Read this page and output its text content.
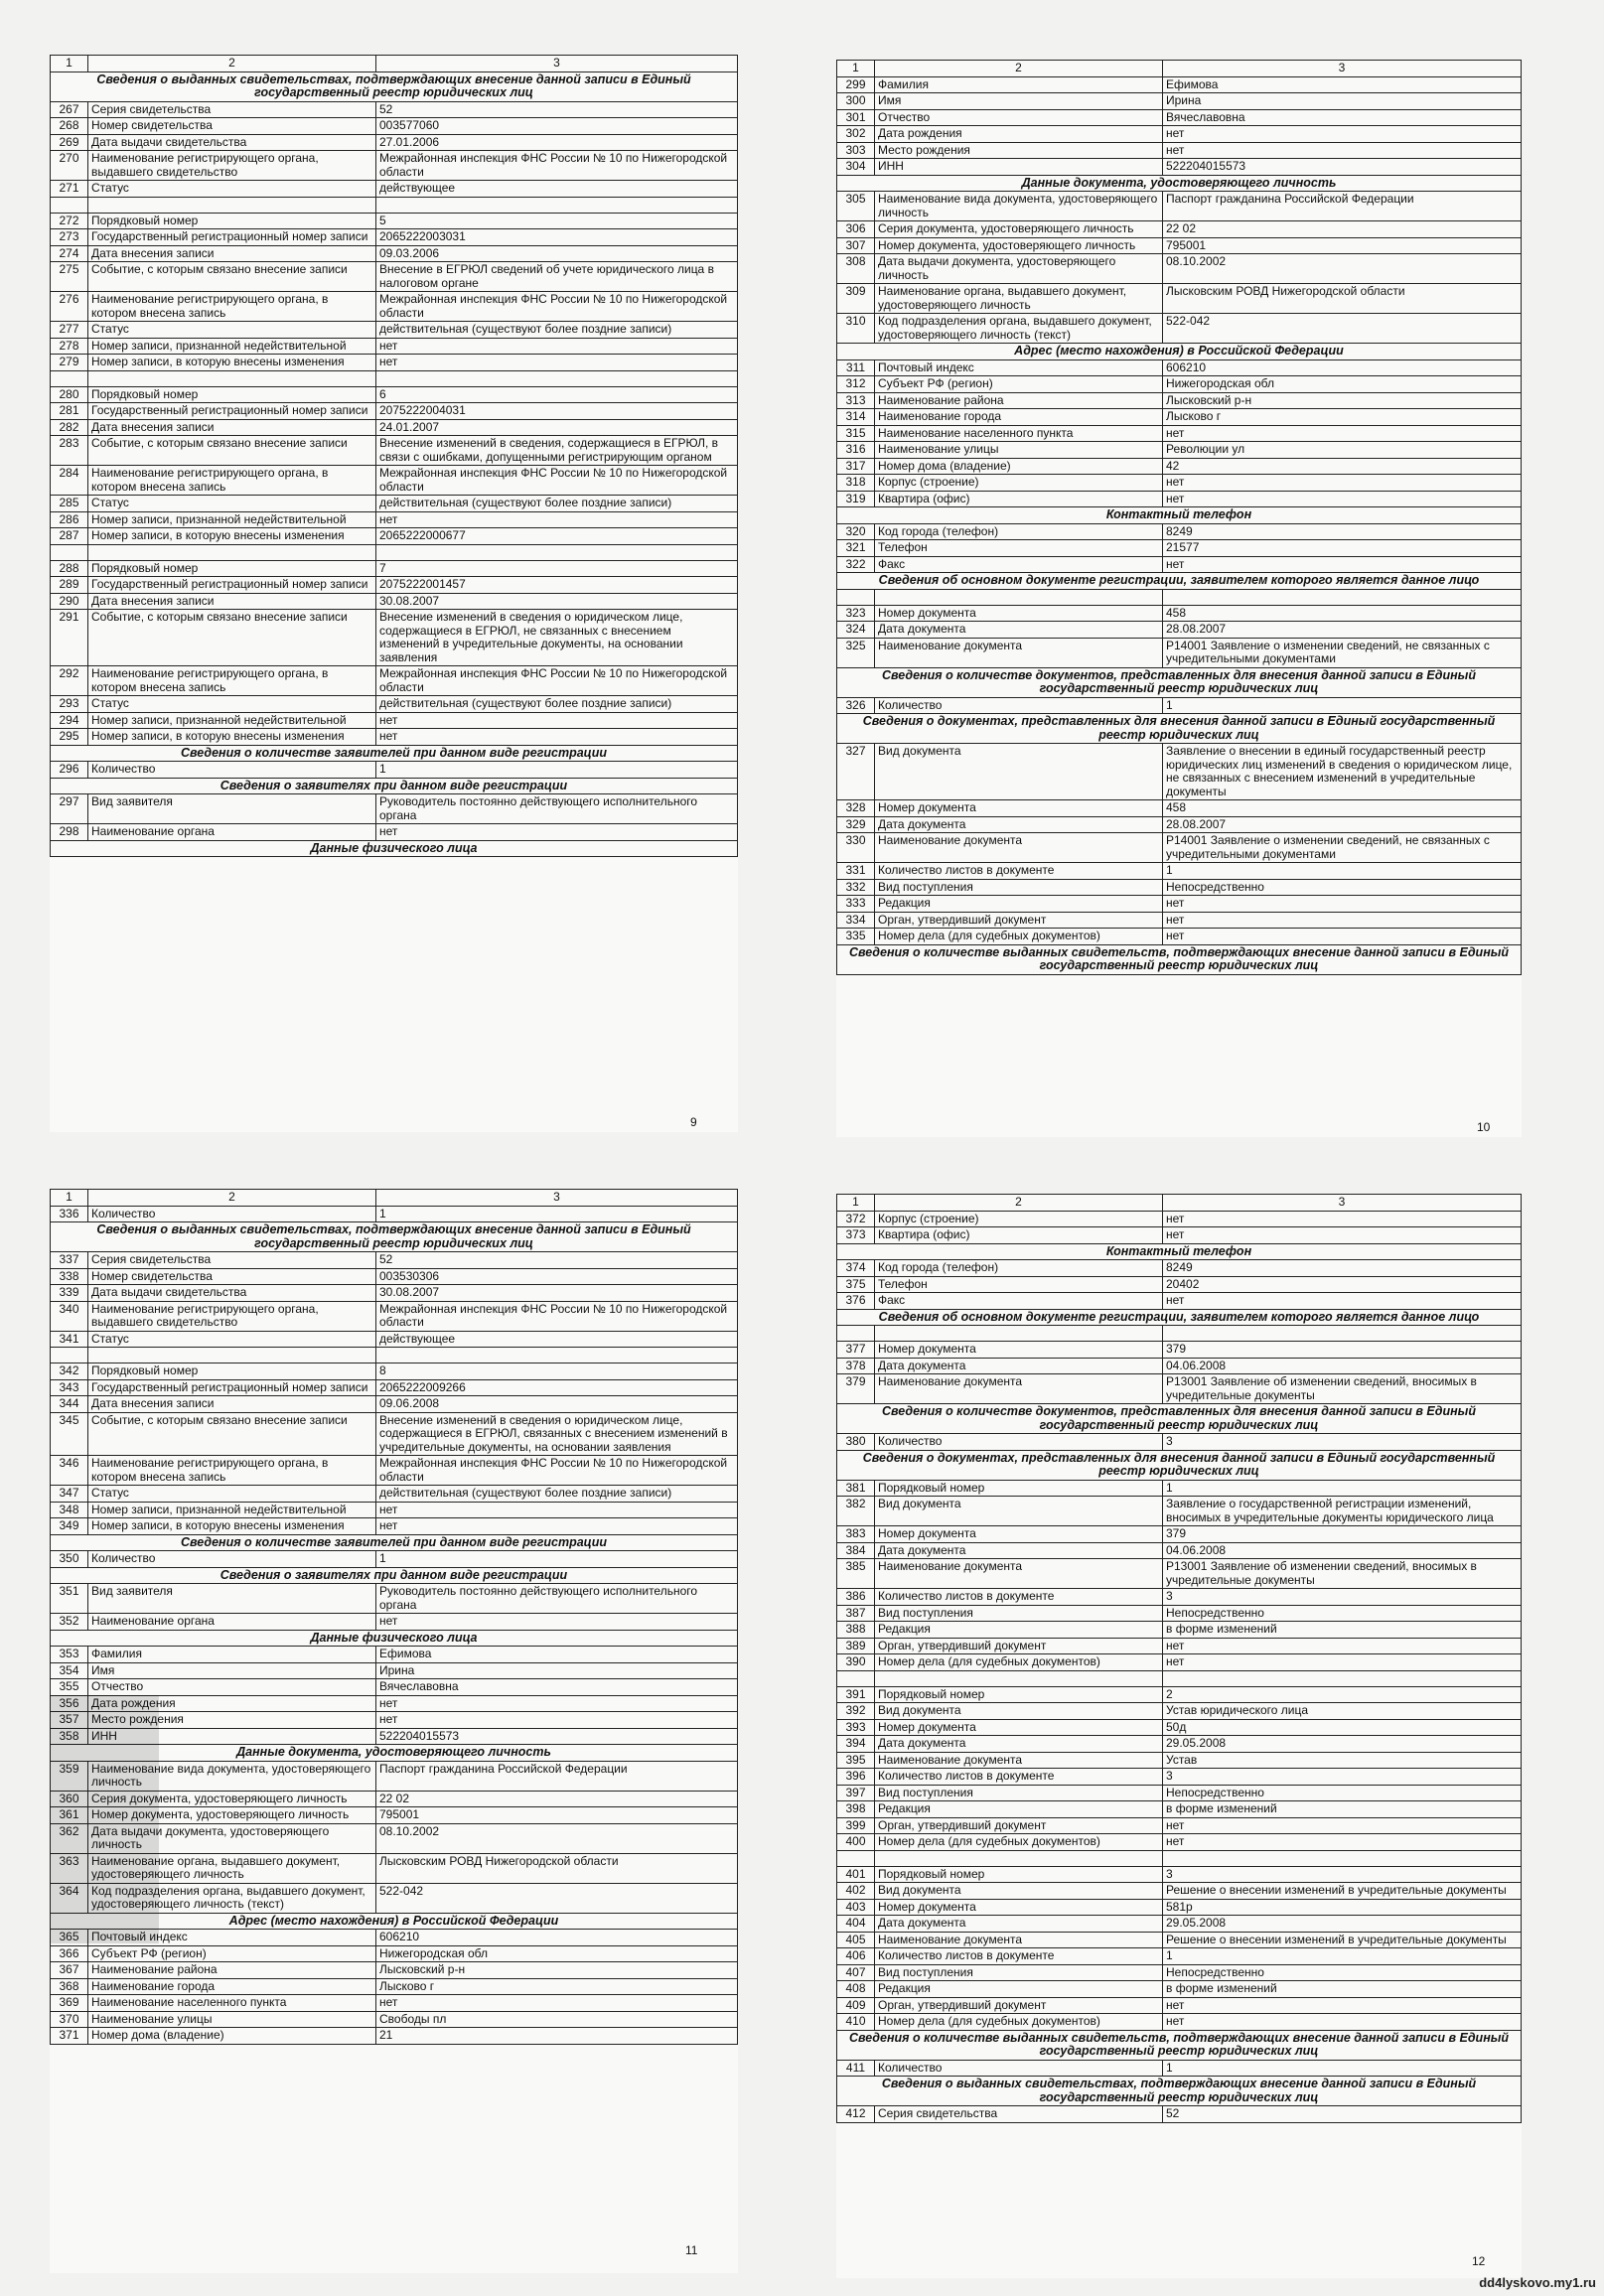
1	2	3
Сведения о выданных свидетельствах, подтверждающих внесение данной записи в Единый государственный реестр юридических лиц		
267	Серия свидетельства	52
268	Номер свидетельства	003577060
269	Дата выдачи свидетельства	27.01.2006
270	Наименование регистрирующего органа, выдавшего свидетельство	Межрайонная инспекция ФНС России № 10 по Нижегородской области
271	Статус	действующее

272	Порядковый номер	5
273	Государственный регистрационный номер записи	2065222003031
274	Дата внесения записи	09.03.2006
275	Событие, с которым связано внесение записи	Внесение в ЕГРЮЛ сведений об учете юридического лица в налоговом органе
276	Наименование регистрирующего органа, в котором внесена запись	Межрайонная инспекция ФНС России № 10 по Нижегородской области
277	Статус	действительная (существуют более поздние записи)
278	Номер записи, признанной недействительной	нет
279	Номер записи, в которую внесены изменения	нет

280	Порядковый номер	6
281	Государственный регистрационный номер записи	2075222004031
282	Дата внесения записи	24.01.2007
283	Событие, с которым связано внесение записи	Внесение изменений в сведения, содержащиеся в ЕГРЮЛ, в связи с ошибками, допущенными регистрирующим органом
284	Наименование регистрирующего органа, в котором внесена запись	Межрайонная инспекция ФНС России № 10 по Нижегородской области
285	Статус	действительная (существуют более поздние записи)
286	Номер записи, признанной недействительной	нет
287	Номер записи, в которую внесены изменения	2065222000677

288	Порядковый номер	7
289	Государственный регистрационный номер записи	2075222001457
290	Дата внесения записи	30.08.2007
291	Событие, с которым связано внесение записи	Внесение изменений в сведения о юридическом лице, содержащиеся в ЕГРЮЛ, не связанных с внесением изменений в учредительные документы, на основании заявления
292	Наименование регистрирующего органа, в котором внесена запись	Межрайонная инспекция ФНС России № 10 по Нижегородской области
293	Статус	действительная (существуют более поздние записи)
294	Номер записи, признанной недействительной	нет
295	Номер записи, в которую внесены изменения	нет
Сведения о количестве заявителей при данном виде регистрации		
296	Количество	1
Сведения о заявителях при данном виде регистрации		
297	Вид заявителя	Руководитель постоянно действующего исполнительного органа
298	Наименование органа	нет
Данные физического лица		
9
1	2	3
299	Фамилия	Ефимова
300	Имя	Ирина
301	Отчество	Вячеславовна
302	Дата рождения	нет
303	Место рождения	нет
304	ИНН	522204015573
Данные документа, удостоверяющего личность		
305	Наименование вида документа, удостоверяющего личность	Паспорт гражданина Российской Федерации
306	Серия документа, удостоверяющего личность	22 02
307	Номер документа, удостоверяющего личность	795001
308	Дата выдачи документа, удостоверяющего личность	08.10.2002
309	Наименование органа, выдавшего документ, удостоверяющего личность	Лысковским РОВД Нижегородской области
310	Код подразделения органа, выдавшего документ, удостоверяющего личность (текст)	522-042
Адрес (место нахождения) в Российской Федерации		
311	Почтовый индекс	606210
312	Субъект РФ (регион)	Нижегородская обл
313	Наименование района	Лысковский р-н
314	Наименование города	Лысково г
315	Наименование населенного пункта	нет
316	Наименование улицы	Революции ул
317	Номер дома (владение)	42
318	Корпус (строение)	нет
319	Квартира (офис)	нет
Контактный телефон		
320	Код города (телефон)	8249
321	Телефон	21577
322	Факс	нет
Сведения об основном документе регистрации, заявителем которого является данное лицо		

323	Номер документа	458
324	Дата документа	28.08.2007
325	Наименование документа	Р14001 Заявление о изменении сведений, не связанных с учредительными документами
Сведения о количестве документов, представленных для внесения данной записи в Единый государственный реестр юридических лиц		
326	Количество	1
Сведения о документах, представленных для внесения данной записи в Единый государственный реестр юридических лиц		
327	Вид документа	Заявление о внесении в единый государственный реестр юридических лиц изменений в сведения о юридическом лице, не связанных с внесением изменений в учредительные документы
328	Номер документа	458
329	Дата документа	28.08.2007
330	Наименование документа	Р14001 Заявление о изменении сведений, не связанных с учредительными документами
331	Количество листов в документе	1
332	Вид поступления	Непосредственно
333	Редакция	нет
334	Орган, утвердивший документ	нет
335	Номер дела (для судебных документов)	нет
Сведения о количестве выданных свидетельств, подтверждающих внесение данной записи в Единый государственный реестр юридических лиц		
10
1	2	3
336	Количество	1
Сведения о выданных свидетельствах, подтверждающих внесение данной записи в Единый государственный реестр юридических лиц		
337	Серия свидетельства	52
338	Номер свидетельства	003530306
339	Дата выдачи свидетельства	30.08.2007
340	Наименование регистрирующего органа, выдавшего свидетельство	Межрайонная инспекция ФНС России № 10 по Нижегородской области
341	Статус	действующее

342	Порядковый номер	8
343	Государственный регистрационный номер записи	2065222009266
344	Дата внесения записи	09.06.2008
345	Событие, с которым связано внесение записи	Внесение изменений в сведения о юридическом лице, содержащиеся в ЕГРЮЛ, связанных с внесением изменений в учредительные документы, на основании заявления
346	Наименование регистрирующего органа, в котором внесена запись	Межрайонная инспекция ФНС России № 10 по Нижегородской области
347	Статус	действительная (существуют более поздние записи)
348	Номер записи, признанной недействительной	нет
349	Номер записи, в которую внесены изменения	нет
Сведения о количестве заявителей при данном виде регистрации		
350	Количество	1
Сведения о заявителях при данном виде регистрации		
351	Вид заявителя	Руководитель постоянно действующего исполнительного органа
352	Наименование органа	нет
Данные физического лица		
353	Фамилия	Ефимова
354	Имя	Ирина
355	Отчество	Вячеславовна
356	Дата рождения	нет
357	Место рождения	нет
358	ИНН	522204015573
Данные документа, удостоверяющего личность		
359	Наименование вида документа, удостоверяющего личность	Паспорт гражданина Российской Федерации
360	Серия документа, удостоверяющего личность	22 02
361	Номер документа, удостоверяющего личность	795001
362	Дата выдачи документа, удостоверяющего личность	08.10.2002
363	Наименование органа, выдавшего документ, удостоверяющего личность	Лысковским РОВД Нижегородской области
364	Код подразделения органа, выдавшего документ, удостоверяющего личность (текст)	522-042
Адрес (место нахождения) в Российской Федерации		
365	Почтовый индекс	606210
366	Субъект РФ (регион)	Нижегородская обл
367	Наименование района	Лысковский р-н
368	Наименование города	Лысково г
369	Наименование населенного пункта	нет
370	Наименование улицы	Свободы пл
371	Номер дома (владение)	21
11
1	2	3
372	Корпус (строение)	нет
373	Квартира (офис)	нет
Контактный телефон		
374	Код города (телефон)	8249
375	Телефон	20402
376	Факс	нет
Сведения об основном документе регистрации, заявителем которого является данное лицо		

377	Номер документа	379
378	Дата документа	04.06.2008
379	Наименование документа	Р13001 Заявление об изменении сведений, вносимых в учредительные документы
Сведения о количестве документов, представленных для внесения данной записи в Единый государственный реестр юридических лиц		
380	Количество	3
Сведения о документах, представленных для внесения данной записи в Единый государственный реестр юридических лиц		
381	Порядковый номер	1
382	Вид документа	Заявление о государственной регистрации изменений, вносимых в учредительные документы юридического лица
383	Номер документа	379
384	Дата документа	04.06.2008
385	Наименование документа	Р13001 Заявление об изменении сведений, вносимых в учредительные документы
386	Количество листов в документе	3
387	Вид поступления	Непосредственно
388	Редакция	в форме изменений
389	Орган, утвердивший документ	нет
390	Номер дела (для судебных документов)	нет

391	Порядковый номер	2
392	Вид документа	Устав юридического лица
393	Номер документа	50д
394	Дата документа	29.05.2008
395	Наименование документа	Устав
396	Количество листов в документе	3
397	Вид поступления	Непосредственно
398	Редакция	в форме изменений
399	Орган, утвердивший документ	нет
400	Номер дела (для судебных документов)	нет

401	Порядковый номер	3
402	Вид документа	Решение о внесении изменений в учредительные документы
403	Номер документа	581р
404	Дата документа	29.05.2008
405	Наименование документа	Решение о внесении изменений в учредительные документы
406	Количество листов в документе	1
407	Вид поступления	Непосредственно
408	Редакция	в форме изменений
409	Орган, утвердивший документ	нет
410	Номер дела (для судебных документов)	нет
Сведения о количестве выданных свидетельств, подтверждающих внесение данной записи в Единый государственный реестр юридических лиц		
411	Количество	1
Сведения о выданных свидетельствах, подтверждающих внесение данной записи в Единый государственный реестр юридических лиц		
412	Серия свидетельства	52
12
dd4lyskovo.my1.ru
